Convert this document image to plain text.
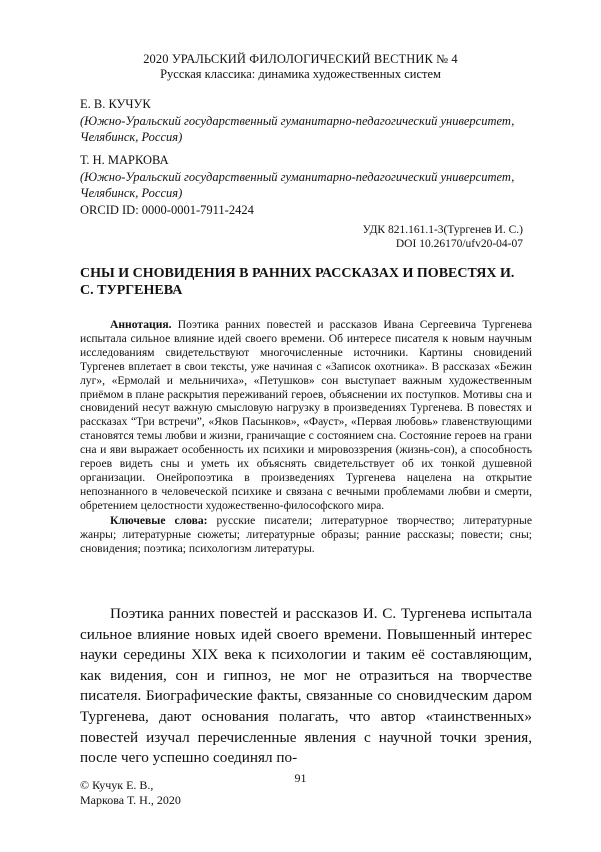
2020 УРАЛЬСКИЙ ФИЛОЛОГИЧЕСКИЙ ВЕСТНИК № 4
Русская классика: динамика художественных систем
Е. В. КУЧУК
(Южно-Уральский государственный гуманитарно-педагогический университет,
Челябинск, Россия)
Т. Н. МАРКОВА
(Южно-Уральский государственный гуманитарно-педагогический университет,
Челябинск, Россия)
ORCID ID: 0000-0001-7911-2424
УДК 821.161.1-3(Тургенев И. С.)
DOI 10.26170/ufv20-04-07
СНЫ И СНОВИДЕНИЯ В РАННИХ РАССКАЗАХ И ПОВЕСТЯХ И. С. ТУРГЕНЕВА

Аннотация. Поэтика ранних повестей и рассказов Ивана Сергеевича Тургенева испытала сильное влияние идей своего времени. Об интересе писателя к новым научным исследованиям свидетельствуют многочисленные источники. Картины сновидений Тургенев вплетает в свои тексты, уже начиная с «Записок охотника». В рассказах «Бежин луг», «Ермолай и мельничиха», «Петушков» сон выступает важным художественным приёмом в плане раскрытия переживаний героев, объяснении их поступков. Мотивы сна и сновидений несут важную смысловую нагрузку в произведениях Тургенева. В повестях и рассказах “Три встречи”, «Яков Пасынков», «Фауст», «Первая любовь» главенствующими становятся темы любви и жизни, граничащие с состоянием сна. Состояние героев на грани сна и яви выражает особенность их психики и мировоззрения (жизнь-сон), а способность героев видеть сны и уметь их объяснять свидетельствует об их тонкой душевной организации. Онейропоэтика в произведениях Тургенева нацелена на открытие непознанного в человеческой психике и связана с вечными проблемами любви и смерти, обретением целостности художественно-философского мира.

Ключевые слова: русские писатели; литературное творчество; литературные жанры; литературные сюжеты; литературные образы; ранние рассказы; повести; сны; сновидения; поэтика; психологизм литературы.

Поэтика ранних повестей и рассказов И. С. Тургенева испытала сильное влияние новых идей своего времени. Повышенный интерес науки середины XIX века к психологии и таким её составляющим, как видения, сон и гипноз, не мог не отразиться на творчестве писателя. Биографические факты, связанные со сновидческим даром Тургенева, дают основания полагать, что автор «таинственных» повестей изучал перечисленные явления с научной точки зрения, после чего успешно соединял по-

© Кучук Е. В.,
Маркова Т. Н., 2020
91
